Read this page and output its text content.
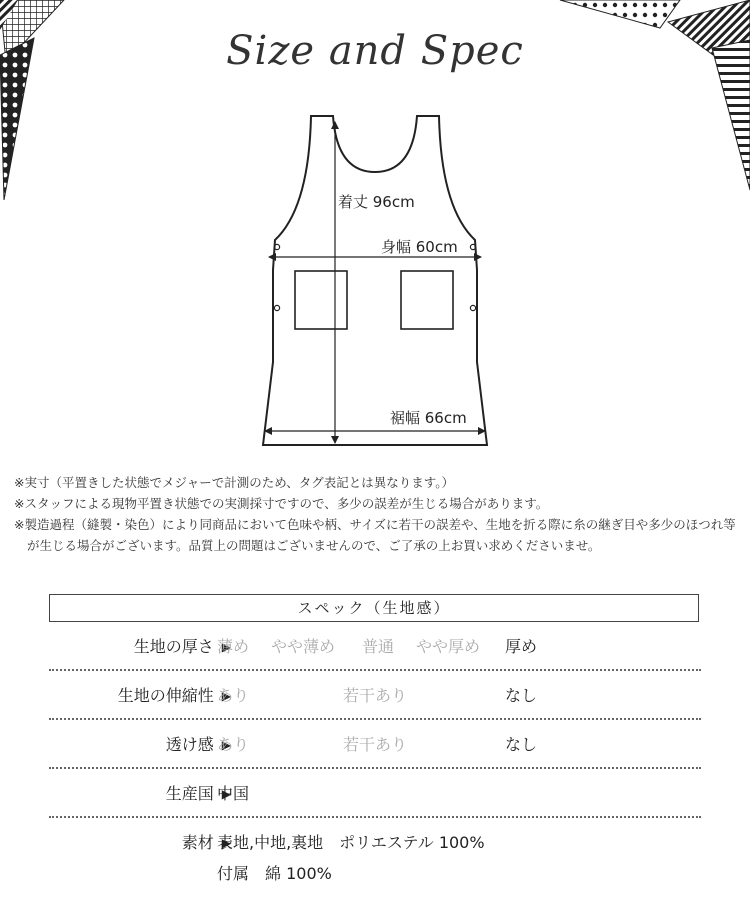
Size and Spec
着丈 96cm
身幅 60cm
裾幅 66cm
※実寸（平置きした状態でメジャーで計測のため、タグ表記とは異なります。）
※スタッフによる現物平置き状態での実測採寸ですので、多少の誤差が生じる場合があります。
※製造過程（縫製・染色）により同商品において色味や柄、サイズに若干の誤差や、生地を折る際に糸の継ぎ目や多少のほつれ等が生じる場合がございます。品質上の問題はございませんので、ご了承の上お買い求めくださいませ。
スペック（生地感）
生地の厚さ ▶ 薄め やや薄め 普通 やや厚め 厚め
生地の伸縮性 ▶ あり	若干あり	なし
透け感 ▶ あり	若干あり	なし
生産国 ▶ 中国
素材 ▶ 表地,中地,裏地　ポリエステル 100%
付属　綿 100%
